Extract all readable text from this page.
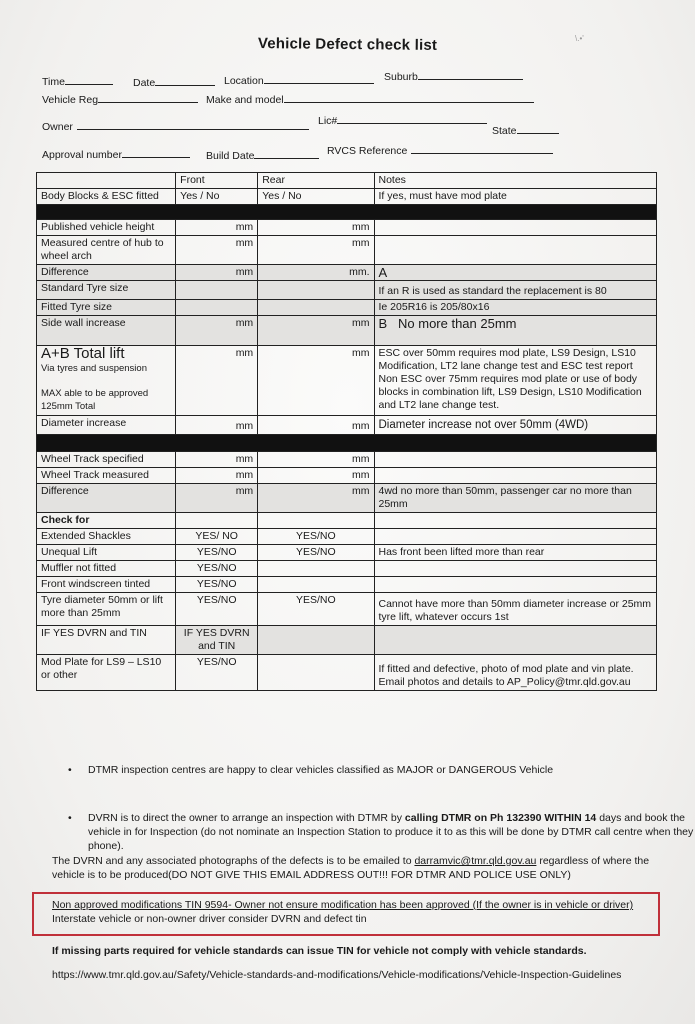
\.•'
Vehicle Defect check list
Time	Date	Location	Suburb
Vehicle Reg	Make and model
Owner	Lic#
State
Approval number	Build Date	RVCS Reference
	Front	Rear	Notes
Body Blocks & ESC fitted	Yes / No	Yes / No	If yes, must have mod plate

Published vehicle height	mm	mm	
Measured centre of hub to wheel arch	mm	mm	
Difference	mm	mm.	A
Standard Tyre size			If an R is used as standard the replacement is 80
Fitted Tyre size			Ie 205R16 is 205/80x16
Side wall increase	mm	mm	B   No more than 25mm

A+B Total lift
Via tyres and suspension
MAX able to be approved 125mm Total
	mm	mm	ESC over 50mm requires mod plate, LS9 Design, LS10 Modification, LT2 lane change test and ESC test report
Non ESC over 75mm requires mod plate or use of body blocks in combination lift, LS9 Design, LS10 Modification and LT2 lane change test.

Diameter increase	mm	mm	Diameter increase not over 50mm (4WD)

Wheel Track specified	mm	mm	
Wheel Track measured	mm	mm	
Difference	mm	mm	4wd no more than 50mm, passenger car no more than 25mm
Check for			
Extended Shackles	YES/ NO	YES/NO	
Unequal Lift	YES/NO	YES/NO	Has front been lifted more than rear
Muffler not fitted	YES/NO		
Front windscreen tinted	YES/NO		
Tyre diameter 50mm or lift more than 25mm	YES/NO	YES/NO	Cannot have more than 50mm diameter increase or 25mm tyre lift, whatever occurs 1st
IF YES DVRN and TIN	IF YES DVRN and TIN		
Mod Plate for LS9 – LS10 or other	YES/NO		If fitted and defective, photo of mod plate and vin plate. Email photos and details to AP_Policy@tmr.qld.gov.au
• DTMR inspection centres are happy to clear vehicles classified as MAJOR or DANGEROUS Vehicle
• DVRN is to direct the owner to arrange an inspection with DTMR by calling DTMR on Ph 132390 WITHIN 14 days and book the vehicle in for Inspection (do not nominate an Inspection Station to produce it to as this will be done by DTMR call centre when they phone).
The DVRN and any associated photographs of the defects is to be emailed to darramvic@tmr.qld.gov.au regardless of where the vehicle is to be produced(DO NOT GIVE THIS EMAIL ADDRESS OUT!!! FOR DTMR AND POLICE USE ONLY)
Non approved modifications TIN 9594- Owner not ensure modification has been approved (If the owner is in vehicle or driver) Interstate vehicle or non-owner driver consider DVRN and defect tin
If missing parts required for vehicle standards can issue TIN for vehicle not comply with vehicle standards.
https://www.tmr.qld.gov.au/Safety/Vehicle-standards-and-modifications/Vehicle-modifications/Vehicle-Inspection-Guidelines
